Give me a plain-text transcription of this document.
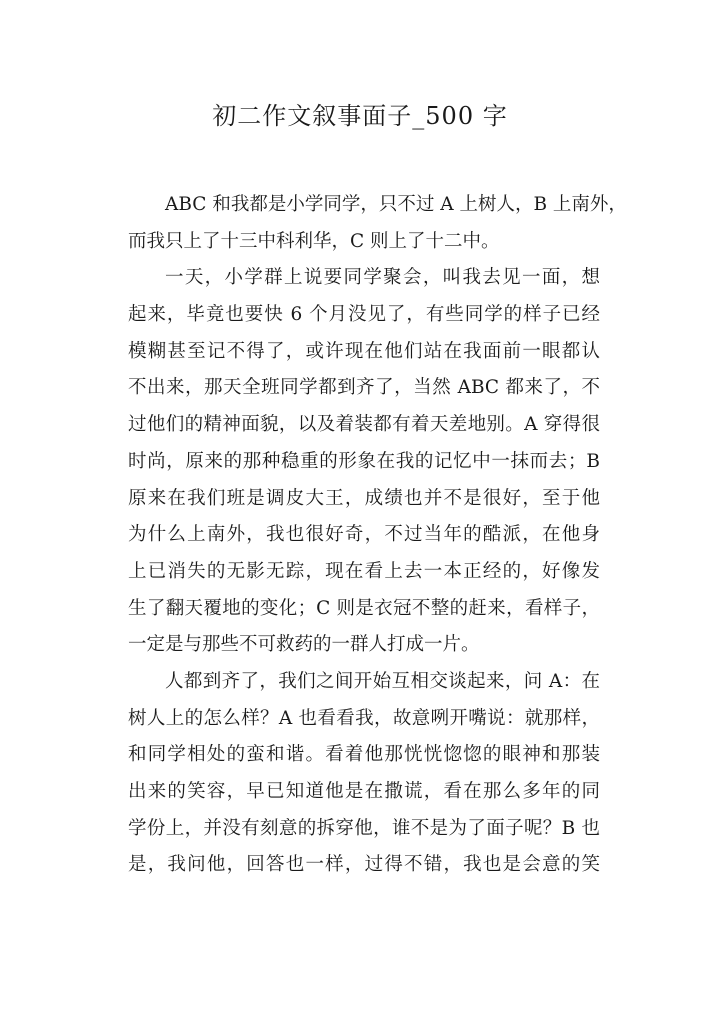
初二作文叙事面子_500 字
ABC 和我都是小学同学，只不过 A 上树人，B 上南外，
而我只上了十三中科利华，C 则上了十二中。
一天，小学群上说要同学聚会，叫我去见一面，想
起来，毕竟也要快 6 个月没见了，有些同学的样子已经
模糊甚至记不得了，或许现在他们站在我面前一眼都认
不出来，那天全班同学都到齐了，当然 ABC 都来了，不
过他们的精神面貌，以及着装都有着天差地别。A 穿得很
时尚，原来的那种稳重的形象在我的记忆中一抹而去；B
原来在我们班是调皮大王，成绩也并不是很好，至于他
为什么上南外，我也很好奇，不过当年的酷派，在他身
上已消失的无影无踪，现在看上去一本正经的，好像发
生了翻天覆地的变化；C 则是衣冠不整的赶来，看样子，
一定是与那些不可救药的一群人打成一片。
人都到齐了，我们之间开始互相交谈起来，问 A：在
树人上的怎么样？A 也看看我，故意咧开嘴说：就那样，
和同学相处的蛮和谐。看着他那恍恍惚惚的眼神和那装
出来的笑容，早已知道他是在撒谎，看在那么多年的同
学份上，并没有刻意的拆穿他，谁不是为了面子呢？B 也
是，我问他，回答也一样，过得不错，我也是会意的笑
